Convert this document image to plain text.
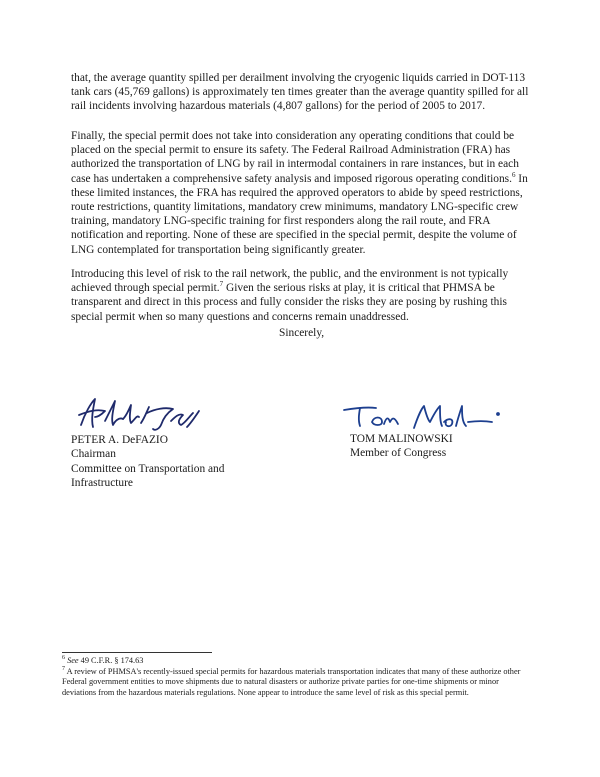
that, the average quantity spilled per derailment involving the cryogenic liquids carried in DOT-113 tank cars (45,769 gallons) is approximately ten times greater than the average quantity spilled for all rail incidents involving hazardous materials (4,807 gallons) for the period of 2005 to 2017.

Finally, the special permit does not take into consideration any operating conditions that could be placed on the special permit to ensure its safety. The Federal Railroad Administration (FRA) has authorized the transportation of LNG by rail in intermodal containers in rare instances, but in each case has undertaken a comprehensive safety analysis and imposed rigorous operating conditions.$^6$ In these limited instances, the FRA has required the approved operators to abide by speed restrictions, route restrictions, quantity limitations, mandatory crew minimums, mandatory LNG-specific crew training, mandatory LNG-specific training for first responders along the rail route, and FRA notification and reporting. None of these are specified in the special permit, despite the volume of LNG contemplated for transportation being significantly greater.

Introducing this level of risk to the rail network, the public, and the environment is not typically achieved through special permit.$^7$ Given the serious risks at play, it is critical that PHMSA be transparent and direct in this process and fully consider the risks they are posing by rushing this special permit when so many questions and concerns remain unaddressed.

Sincerely,
PETER A. DeFAZIO
Chairman
Committee on Transportation and
Infrastructure
TOM MALINOWSKI
Member of Congress

$^6$ See 49 C.F.R. § 174.63

$^7$ A review of PHMSA's recently-issued special permits for hazardous materials transportation indicates that many of these authorize other Federal government entities to move shipments due to natural disasters or authorize private parties for one-time shipments or minor deviations from the hazardous materials regulations. None appear to introduce the same level of risk as this special permit.
